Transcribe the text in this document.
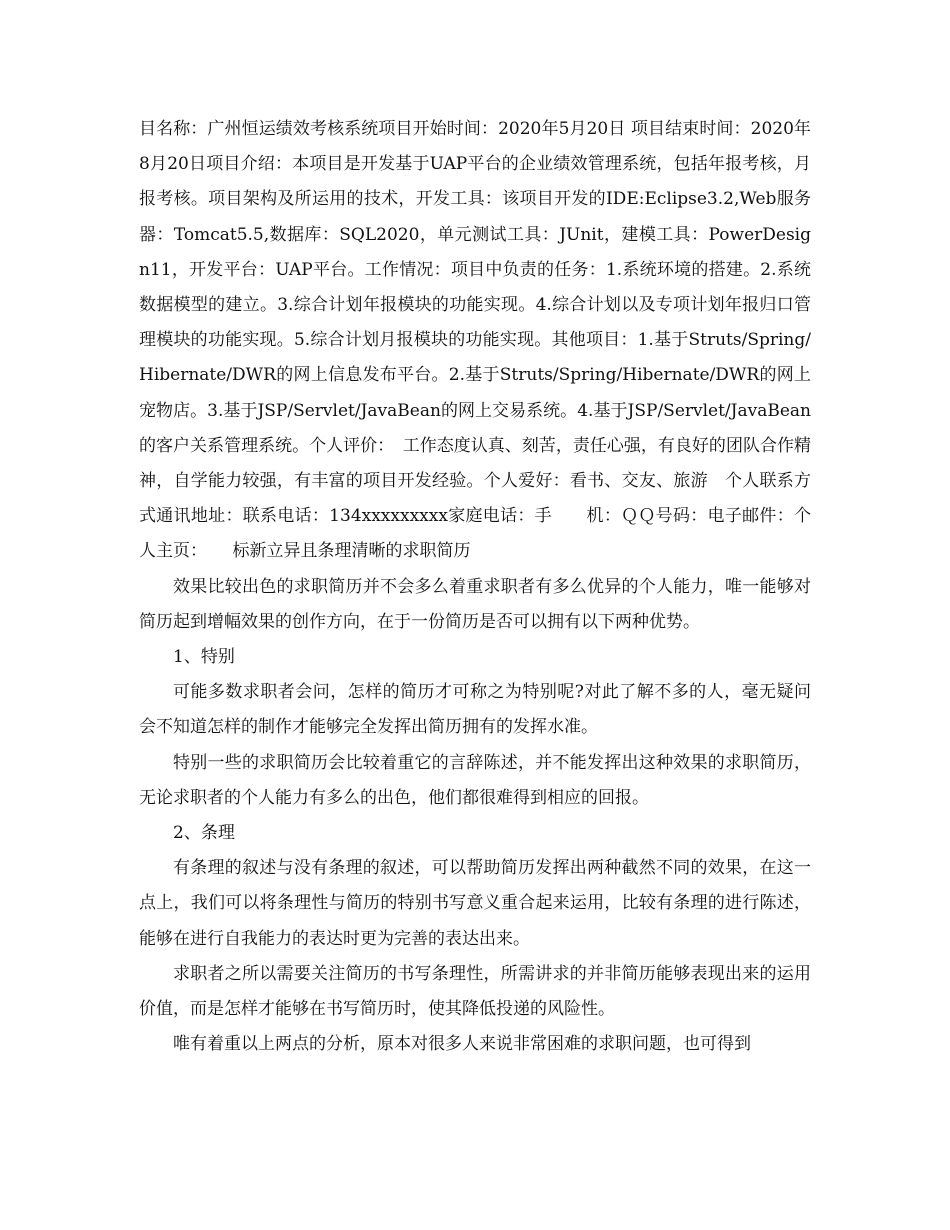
目名称：广州恒运绩效考核系统项目开始时间：2020年5月20日 项目结束时间：2020年8月20日项目介绍：本项目是开发基于UAP平台的企业绩效管理系统，包括年报考核，月报考核。项目架构及所运用的技术，开发工具：该项目开发的IDE:Eclipse3.2,Web服务器：Tomcat5.5,数据库：SQL2020，单元测试工具：JUnit，建模工具：PowerDesign11，开发平台：UAP平台。工作情况：项目中负责的任务：1.系统环境的搭建。2.系统数据模型的建立。3.综合计划年报模块的功能实现。4.综合计划以及专项计划年报归口管理模块的功能实现。5.综合计划月报模块的功能实现。其他项目：1.基于Struts/Spring/Hibernate/DWR的网上信息发布平台。2.基于Struts/Spring/Hibernate/DWR的网上宠物店。3.基于JSP/Servlet/JavaBean的网上交易系统。4.基于JSP/Servlet/JavaBean的客户关系管理系统。个人评价：　工作态度认真、刻苦，责任心强，有良好的团队合作精神，自学能力较强，有丰富的项目开发经验。个人爱好：看书、交友、旅游　个人联系方式通讯地址：联系电话：134xxxxxxxxx家庭电话：手　　机：ＱＱ号码：电子邮件：个人主页：　　标新立异且条理清晰的求职简历

效果比较出色的求职简历并不会多么着重求职者有多么优异的个人能力，唯一能够对简历起到增幅效果的创作方向，在于一份简历是否可以拥有以下两种优势。

1、特别

可能多数求职者会问，怎样的简历才可称之为特别呢?对此了解不多的人，毫无疑问会不知道怎样的制作才能够完全发挥出简历拥有的发挥水准。

特别一些的求职简历会比较着重它的言辞陈述，并不能发挥出这种效果的求职简历，无论求职者的个人能力有多么的出色，他们都很难得到相应的回报。

2、条理

有条理的叙述与没有条理的叙述，可以帮助简历发挥出两种截然不同的效果，在这一点上，我们可以将条理性与简历的特别书写意义重合起来运用，比较有条理的进行陈述，能够在进行自我能力的表达时更为完善的表达出来。

求职者之所以需要关注简历的书写条理性，所需讲求的并非简历能够表现出来的运用价值，而是怎样才能够在书写简历时，使其降低投递的风险性。

唯有着重以上两点的分析，原本对很多人来说非常困难的求职问题，也可得到
